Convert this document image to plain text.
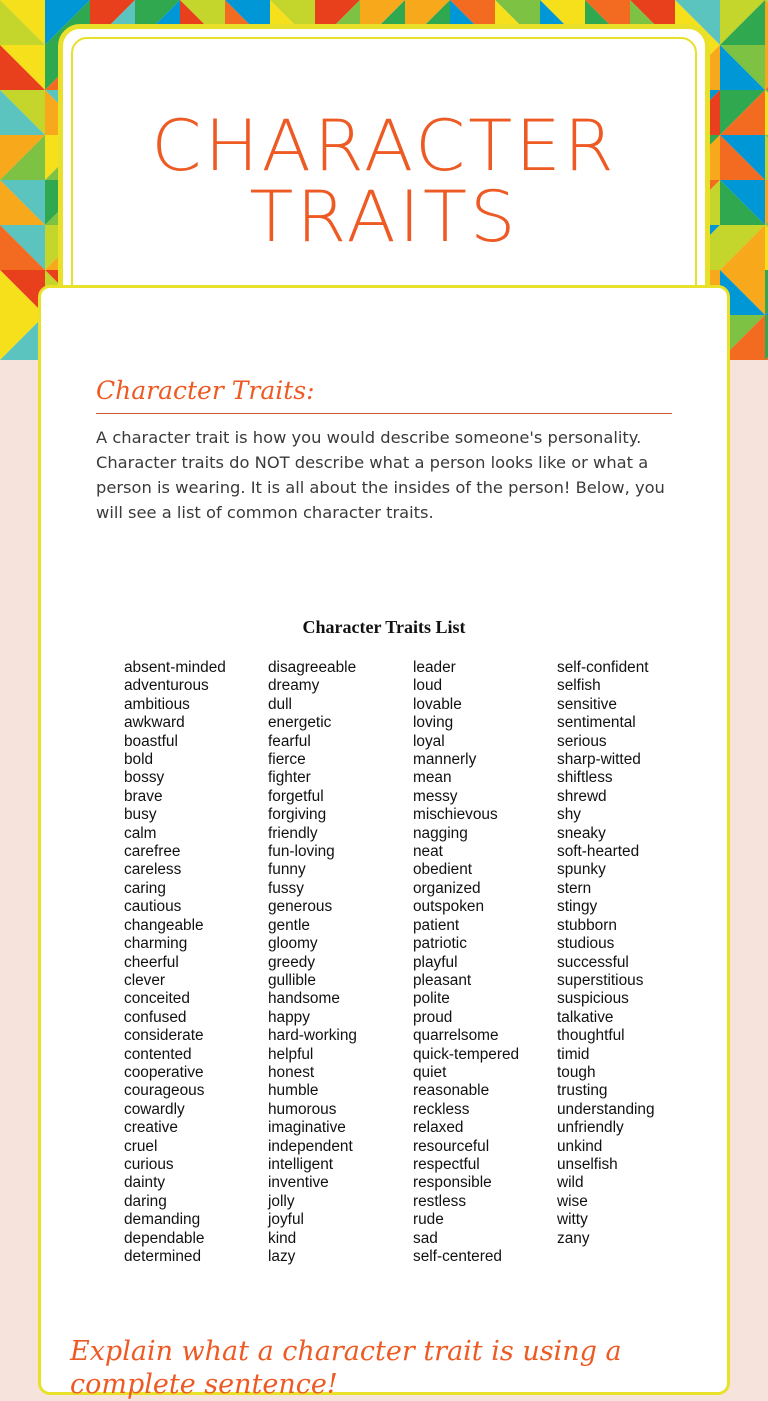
CHARACTER TRAITS
Character Traits:

A character trait is how you would describe someone's personality. Character traits do NOT describe what a person looks like or what a person is wearing. It is all about the insides of the person! Below, you will see a list of common character traits.

Character Traits List
absent-minded
adventurous
ambitious
awkward
boastful
bold
bossy
brave
busy
calm
carefree
careless
caring
cautious
changeable
charming
cheerful
clever
conceited
confused
considerate
contented
cooperative
courageous
cowardly
creative
cruel
curious
dainty
daring
demanding
dependable
determined
disagreeable
dreamy
dull
energetic
fearful
fierce
fighter
forgetful
forgiving
friendly
fun-loving
funny
fussy
generous
gentle
gloomy
greedy
gullible
handsome
happy
hard-working
helpful
honest
humble
humorous
imaginative
independent
intelligent
inventive
jolly
joyful
kind
lazy
leader
loud
lovable
loving
loyal
mannerly
mean
messy
mischievous
nagging
neat
obedient
organized
outspoken
patient
patriotic
playful
pleasant
polite
proud
quarrelsome
quick-tempered
quiet
reasonable
reckless
relaxed
resourceful
respectful
responsible
restless
rude
sad
self-centered
self-confident
selfish
sensitive
sentimental
serious
sharp-witted
shiftless
shrewd
shy
sneaky
soft-hearted
spunky
stern
stingy
stubborn
studious
successful
superstitious
suspicious
talkative
thoughtful
timid
tough
trusting
understanding
unfriendly
unkind
unselfish
wild
wise
witty
zany
Explain what a character trait is using a complete sentence!
